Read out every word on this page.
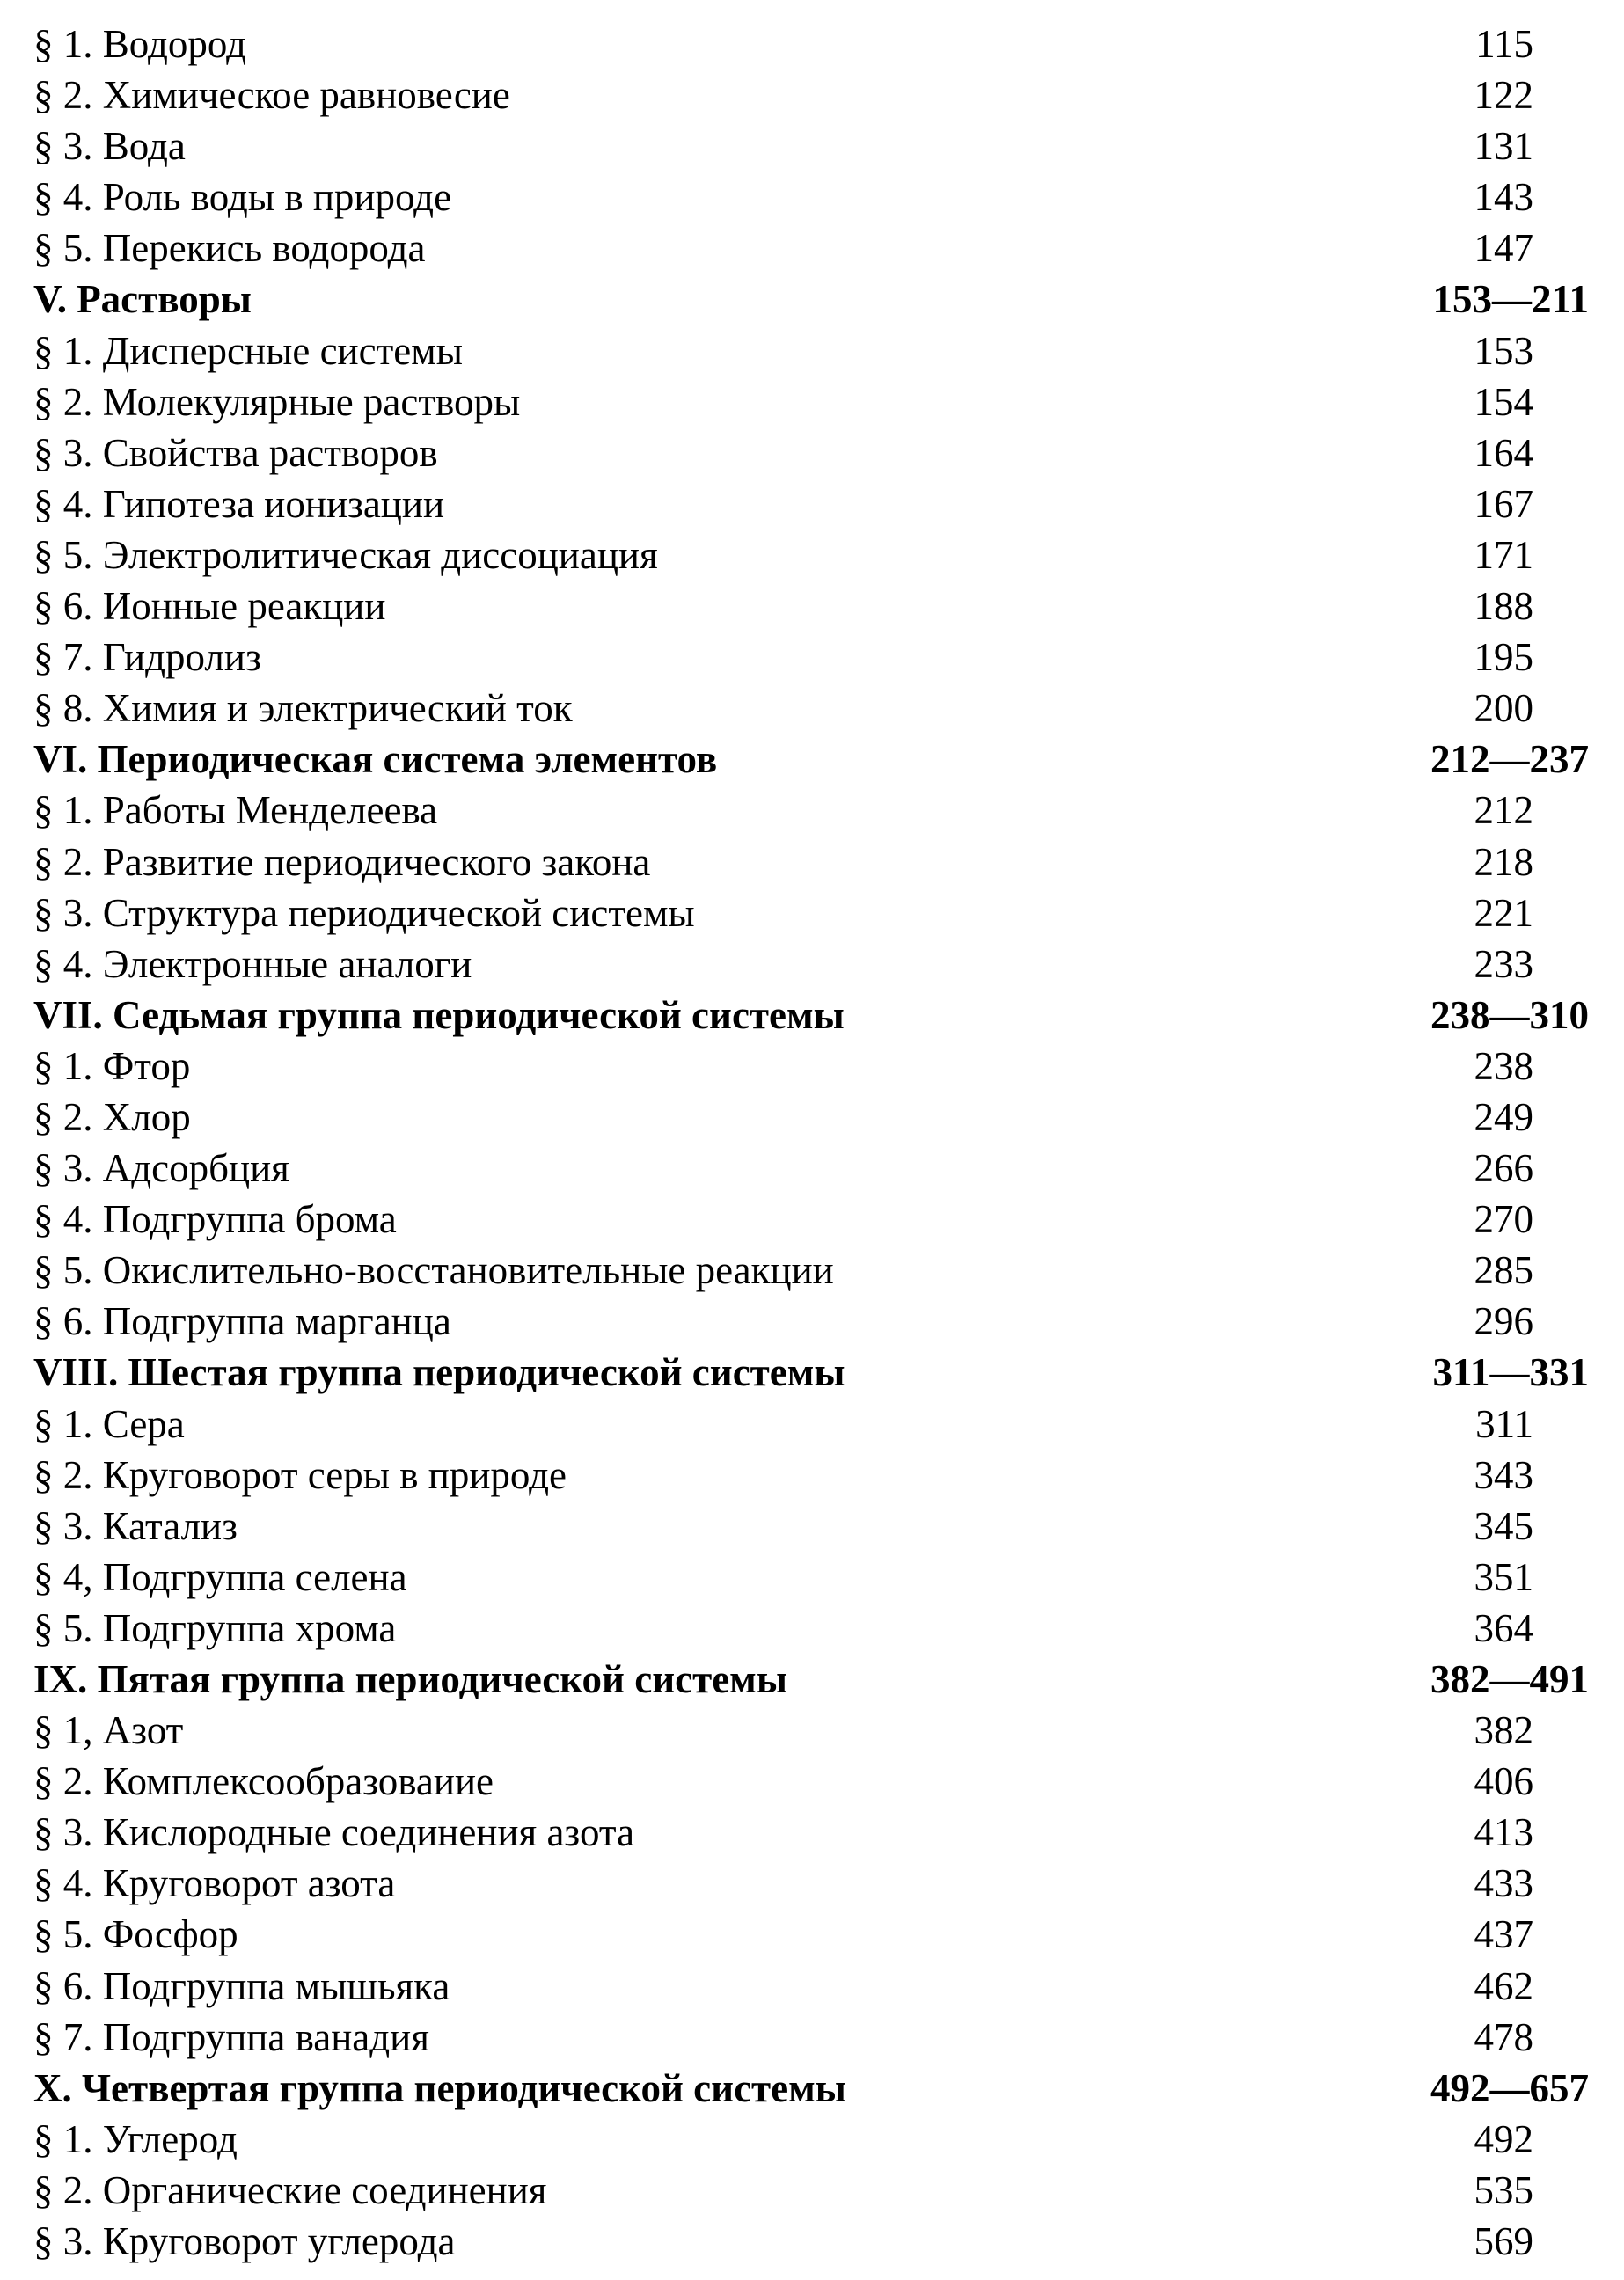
§ 1. Водород	115
§ 2. Химическое равновесие	122
§ 3. Вода	131
§ 4. Роль воды в природе	143
§ 5. Перекись водорода	147
V. Растворы	153—211
§ 1. Дисперсные системы	153
§ 2. Молекулярные растворы	154
§ 3. Свойства растворов	164
§ 4. Гипотеза ионизации	167
§ 5. Электролитическая диссоциация	171
§ 6. Ионные реакции	188
§ 7. Гидролиз	195
§ 8. Химия и электрический ток	200
VI. Периодическая система элементов	212—237
§ 1. Работы Менделеева	212
§ 2. Развитие периодического закона	218
§ 3. Структура периодической системы	221
§ 4. Электронные аналоги	233
VII. Седьмая группа периодической системы	238—310
§ 1. Фтор	238
§ 2. Хлор	249
§ 3. Адсорбция	266
§ 4. Подгруппа брома	270
§ 5. Окислительно-восстановительные реакции	285
§ 6. Подгруппа марганца	296
VIII. Шестая группа периодической системы	311—331
§ 1. Сера	311
§ 2. Круговорот серы в природе	343
§ 3. Катализ	345
§ 4, Подгруппа селена	351
§ 5. Подгруппа хрома	364
IX. Пятая группа периодической системы	382—491
§ 1, Азот	382
§ 2. Комплексообразоваиие	406
§ 3. Кислородные соединения азота	413
§ 4. Круговорот азота	433
§ 5. Фосфор	437
§ 6. Подгруппа мышьяка	462
§ 7. Подгруппа ванадия	478
X. Четвертая группа периодической системы	492—657
§ 1. Углерод	492
§ 2. Органические соединения	535
§ 3. Круговорот углерода	569
